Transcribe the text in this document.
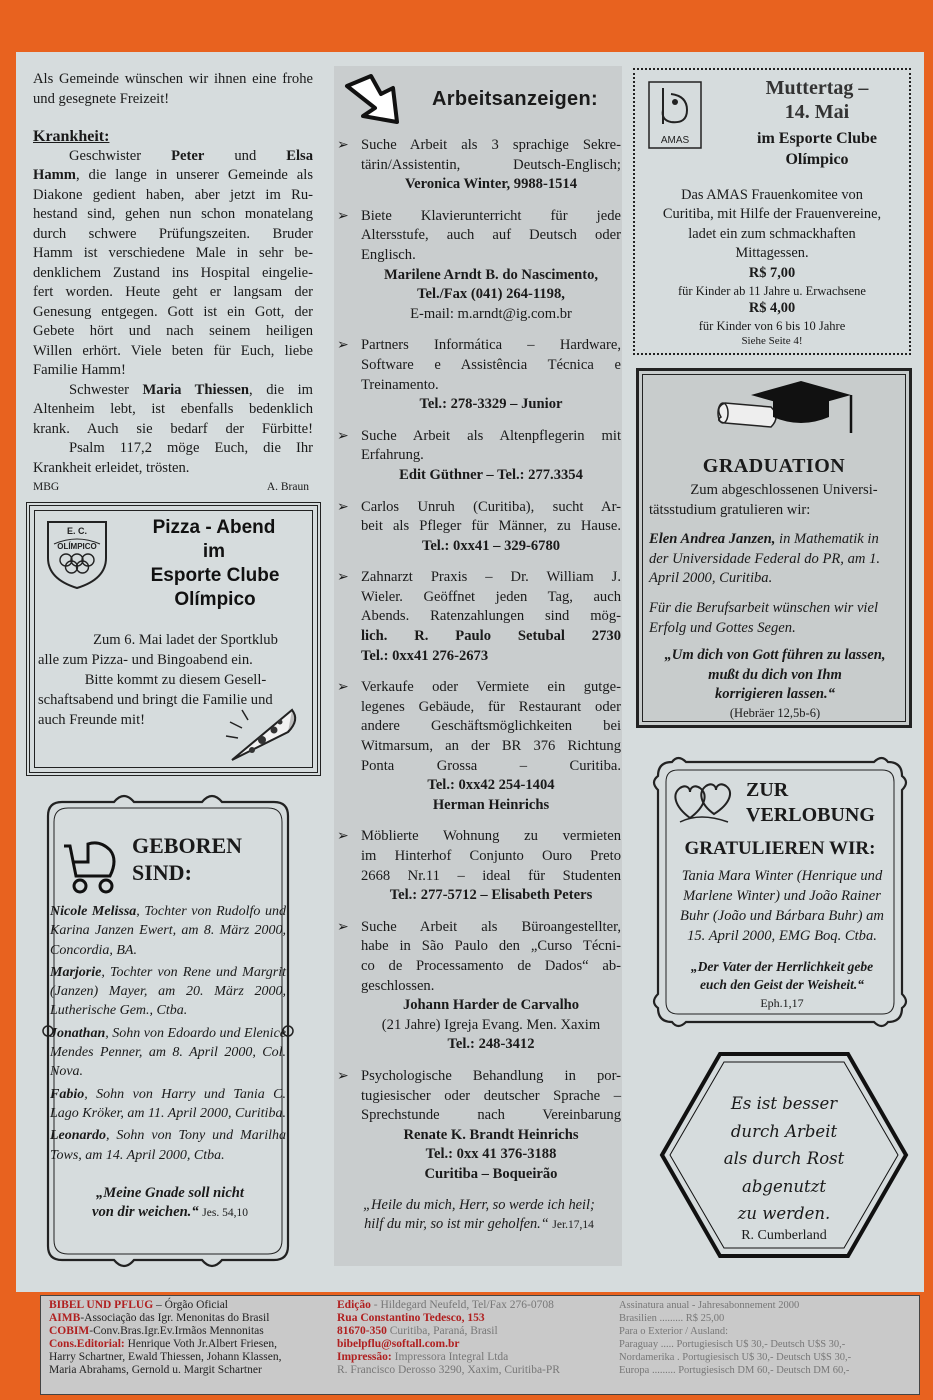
Als Gemeinde wünschen wir ihnen eine frohe und gesegnete Freizeit!

Krankheit:

Geschwister Peter und Elsa

Hamm, die lange in unserer Gemeinde als

Diakone gedient haben, aber jetzt im Ru-

hestand sind, gehen nun schon monatelang

durch schwere Prüfungszeiten. Bruder

Hamm ist verschiedene Male in sehr be-

denklichem Zustand ins Hospital eingelie-

fert worden. Heute geht er langsam der

Genesung entgegen. Gott ist ein Gott, der

Gebete hört und nach seinem heiligen

Willen erhört. Viele beten für Euch, liebe

Familie Hamm!

Schwester Maria Thiessen, die im

Altenheim lebt, ist ebenfalls bedenklich

krank. Auch sie bedarf der Fürbitte!

Psalm 117,2 möge Euch, die Ihr

Krankheit erleidet, trösten.

MBG	A. Braun
E. C.
OLÍMPICO
Pizza - Abend
im
Esporte Clube
Olímpico

Zum 6. Mai ladet der Sportklub

alle zum Pizza- und Bingoabend ein.

Bitte kommt zu diesem Gesell-

schaftsabend und bringt die Familie und

auch Freunde mit!

GEBOREN
SIND:

Nicole Melissa, Tochter von Rudolfo und Karina Janzen Ewert, am 8. März 2000, Concordia, BA.

Marjorie, Tochter von Rene und Margrit (Janzen) Mayer, am 20. März 2000, Lutherische Gem., Ctba.

Jonathan, Sohn von Edoardo und Elenice Mendes Penner, am 8. April 2000, Col. Nova.

Fabio, Sohn von Harry und Tania C. Lago Kröker, am 11. April 2000, Curitiba.

Leonardo, Sohn von Tony und Marilha Tows, am 14. April 2000, Ctba.

„Meine Gnade soll nicht
von dir weichen.“ Jes. 54,10
Arbeitsanzeigen:
➢ Suche Arbeit als 3 sprachige Sekre-
tärin/Assistentin, Deutsch-Englisch;
Veronica Winter, 9988-1514
➢ Biete Klavierunterricht für jede
Altersstufe, auch auf Deutsch oder
Englisch.
Marilene Arndt B. do Nascimento,
Tel./Fax (041) 264-1198,
E-mail: m.arndt@ig.com.br
➢ Partners Informática – Hardware,
Software e Assistência Técnica e
Treinamento.
Tel.: 278-3329 – Junior
➢ Suche Arbeit als Altenpflegerin mit
Erfahrung.
Edit Güthner – Tel.: 277.3354
➢ Carlos Unruh (Curitiba), sucht Ar-
beit als Pfleger für Männer, zu Hause.
Tel.: 0xx41 – 329-6780
➢ Zahnarzt Praxis – Dr. William J.
Wieler. Geöffnet jeden Tag, auch
Abends. Ratenzahlungen sind mög-
lich. R. Paulo Setubal 2730
Tel.: 0xx41 276-2673
➢ Verkaufe oder Vermiete ein gutge-
legenes Gebäude, für Restaurant oder
andere Geschäftsmöglichkeiten bei
Witmarsum, an der BR 376 Richtung
Ponta Grossa – Curitiba.
Tel.: 0xx42 254-1404
Herman Heinrichs
➢ Möblierte Wohnung zu vermieten
im Hinterhof Conjunto Ouro Preto
2668 Nr.11 – ideal für Studenten
Tel.: 277-5712 – Elisabeth Peters
➢ Suche Arbeit als Büroangestellter,
habe in São Paulo den „Curso Técni-
co de Processamento de Dados“ ab-
geschlossen.
Johann Harder de Carvalho
(21 Jahre) Igreja Evang. Men. Xaxim
Tel.: 248-3412
➢ Psychologische Behandlung in por-
tugiesischer oder deutscher Sprache –
Sprechstunde nach Vereinbarung
Renate K. Brandt Heinrichs
Tel.: 0xx 41 376-3188
Curitiba – Boqueirão
„Heile du mich, Herr, so werde ich heil;
hilf du mir, so ist mir geholfen.“ Jer.17,14
AMAS
Muttertag –
14. Mai
im Esporte Clube
Olímpico
Das AMAS Frauenkomitee von
Curitiba, mit Hilfe der Frauenvereine,
ladet ein zum schmackhaften
Mittagessen.
R$ 7,00
für Kinder ab 11 Jahre u. Erwachsene
R$ 4,00
für Kinder von 6 bis 10 Jahre
Siehe Seite 4!
GRADUATION

Zum abgeschlossenen Universi-

tätsstudium gratulieren wir:

Elen Andrea Janzen, in Mathematik in

der Universidade Federal do PR, am 1.

April 2000, Curitiba.

Für die Berufsarbeit wünschen wir viel

Erfolg und Gottes Segen.

„Um dich von Gott führen zu lassen,
mußt du dich von Ihm
korrigieren lassen.“
(Hebräer 12,5b-6)
ZUR
VERLOBUNG
GRATULIEREN WIR:

Tania Mara Winter (Henrique und

Marlene Winter) und João Rainer

Buhr (João und Bárbara Buhr) am

15. April 2000, EMG Boq. Ctba.

„Der Vater der Herrlichkeit gebe
euch den Geist der Weisheit.“
Eph.1,17
Es ist besser
durch Arbeit
als durch Rost
abgenutzt
zu werden.
R. Cumberland
BIBEL UND PFLUG – Órgão Oficial
AIMB-Associação das Igr. Menonitas do Brasil
COBIM-Conv.Bras.Igr.Ev.Irmãos Mennonitas
Cons.Editorial: Henrique Voth Jr.Albert Friesen,
Harry Schartner, Ewald Thiessen, Johann Klassen,
Maria Abrahams, Gernold u. Margit Schartner
Edição - Hildegard Neufeld, Tel/Fax 276-0708
Rua Constantino Tedesco, 153
81670-350 Curitiba, Paraná, Brasil
bibelpflu@softall.com.br
Impressão: Impressora Integral Ltda
R. Francisco Derosso 3290, Xaxim, Curitiba-PR
Assinatura anual - Jahresabonnement 2000
Brasilien ......... R$ 25,00
Para o Exterior / Ausland:
Paraguay ..... Portugiesisch U$ 30,- Deutsch U$S 30,-
Nordamerika . Portugiesisch U$ 30,- Deutsch U$S 30,-
Europa ......... Portugiesisch DM 60,- Deutsch DM 60,-
